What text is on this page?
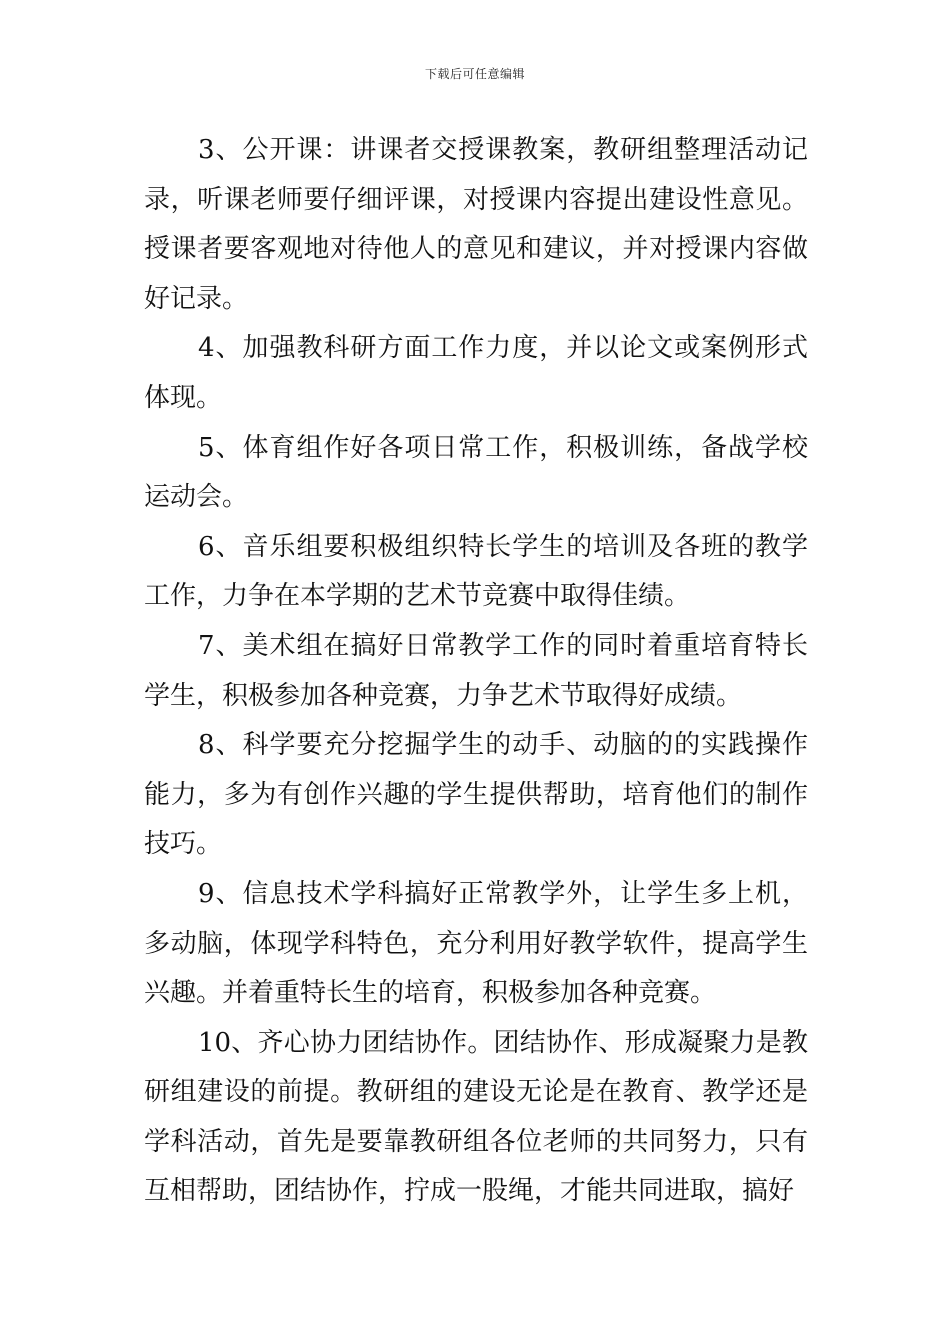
下载后可任意编辑

3、公开课：讲课者交授课教案，教研组整理活动记录，听课老师要仔细评课，对授课内容提出建设性意见。授课者要客观地对待他人的意见和建议，并对授课内容做好记录。

4、加强教科研方面工作力度，并以论文或案例形式体现。

5、体育组作好各项日常工作，积极训练，备战学校运动会。

6、音乐组要积极组织特长学生的培训及各班的教学工作，力争在本学期的艺术节竞赛中取得佳绩。

7、美术组在搞好日常教学工作的同时着重培育特长学生，积极参加各种竞赛，力争艺术节取得好成绩。

8、科学要充分挖掘学生的动手、动脑的的实践操作能力，多为有创作兴趣的学生提供帮助，培育他们的制作技巧。

9、信息技术学科搞好正常教学外，让学生多上机，多动脑，体现学科特色，充分利用好教学软件，提高学生兴趣。并着重特长生的培育，积极参加各种竞赛。

10、齐心协力团结协作。团结协作、形成凝聚力是教研组建设的前提。教研组的建设无论是在教育、教学还是学科活动，首先是要靠教研组各位老师的共同努力，只有互相帮助，团结协作，拧成一股绳，才能共同进取，搞好
